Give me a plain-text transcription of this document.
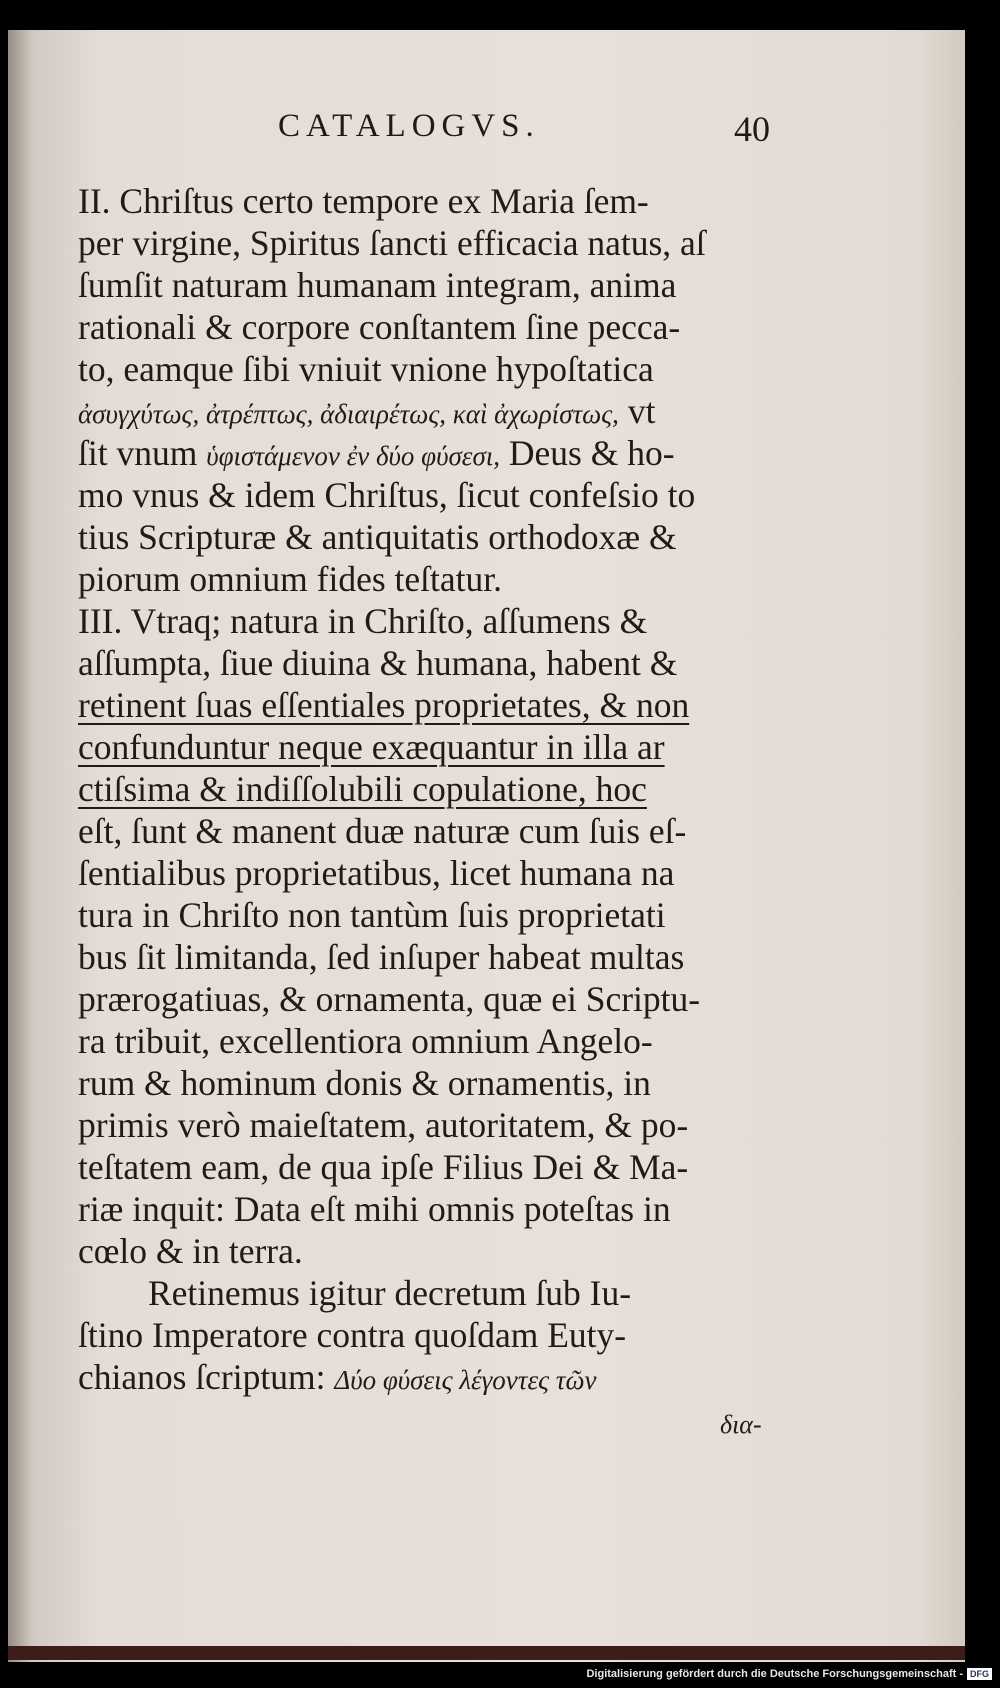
CATALOGVS.	40
II. Chriſtus certo tempore ex Maria ſem-
per virgine, Spiritus ſancti efficacia natus, aſ
ſumſit naturam humanam integram, anima
rationali & corpore conſtantem ſine pecca-
to, eamque ſibi vniuit vnione hypoſtatica
ἀσυγχύτως, ἀτρέπτως, ἀδιαιρέτως, καὶ ἀχωρίστως, vt
ſit vnum ὑφιστάμενον ἐν δύο φύσεσι, Deus & ho-
mo vnus & idem Chriſtus, ſicut confeſsio to
tius Scripturæ & antiquitatis orthodoxæ &
piorum omnium fides teſtatur.
III. Vtraq; natura in Chriſto, aſſumens &
aſſumpta, ſiue diuina & humana, habent &
retinent ſuas eſſentiales proprietates, & non
confunduntur neque exæquantur in illa ar
ctiſsima & indiſſolubili copulatione, hoc
eſt, ſunt & manent duæ naturæ cum ſuis eſ-
ſentialibus proprietatibus, licet humana na
tura in Chriſto non tantùm ſuis proprietati
bus ſit limitanda, ſed inſuper habeat multas
prærogatiuas, & ornamenta, quæ ei Scriptu-
ra tribuit, excellentiora omnium Angelo-
rum & hominum donis & ornamentis, in
primis verò maieſtatem, autoritatem, & po-
teſtatem eam, de qua ipſe Filius Dei & Ma-
riæ inquit: Data eſt mihi omnis poteſtas in
cœlo & in terra.
Retinemus igitur decretum ſub Iu-
ſtino Imperatore contra quoſdam Euty-
chianos ſcriptum: Δύο φύσεις λέγοντες τῶν
δια-
Digitalisierung gefördert durch die Deutsche Forschungsgemeinschaft - DFG
